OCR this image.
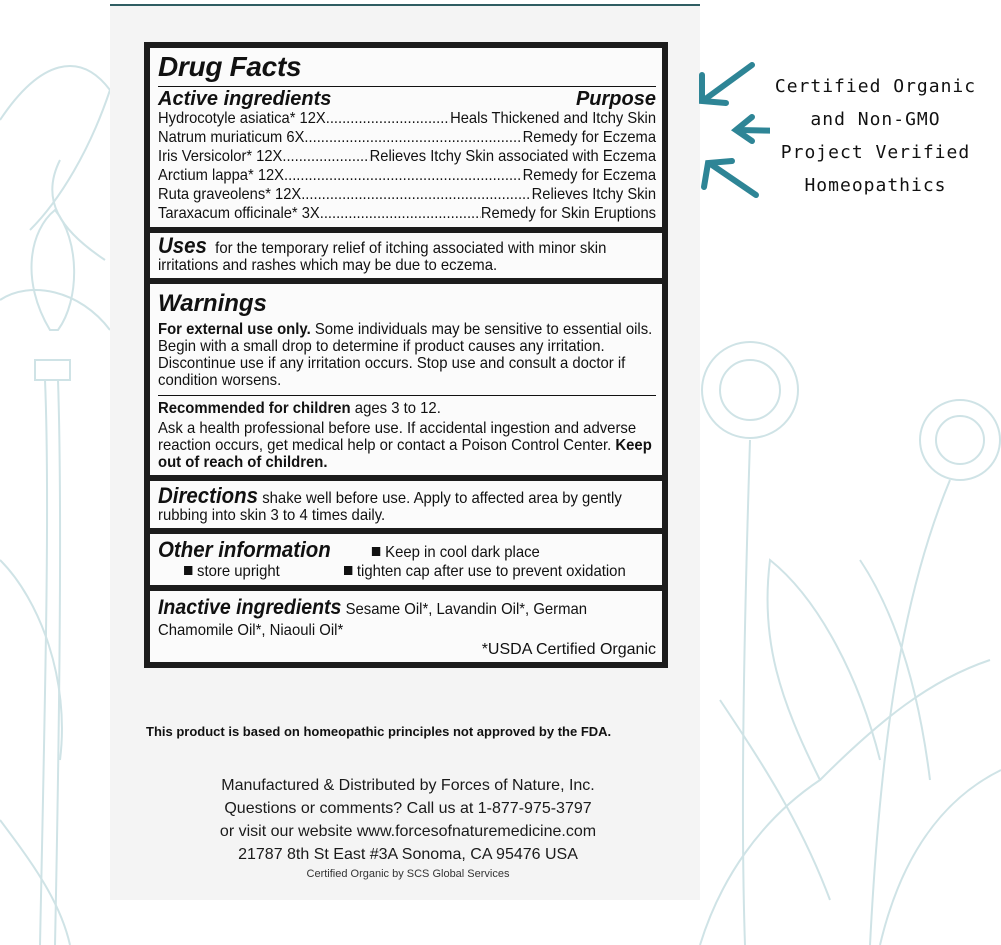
Drug Facts
Active ingredients	Purpose
Hydrocotyle asiatica* 12X .....	Heals Thickened and Itchy Skin
Natrum muriaticum 6X .....	Remedy for Eczema
Iris Versicolor* 12X .....	Relieves Itchy Skin associated with Eczema
Arctium lappa* 12X .....	Remedy for Eczema
Ruta graveolens* 12X .....	Relieves Itchy Skin
Taraxacum officinale* 3X .....	Remedy for Skin Eruptions
Uses for the temporary relief of itching associated with minor skin irritations and rashes which may be due to eczema.
Warnings
For external use only. Some individuals may be sensitive to essential oils. Begin with a small drop to determine if product causes any irritation. Discontinue use if any irritation occurs. Stop use and consult a doctor if condition worsens.
Recommended for children ages 3 to 12.
Ask a health professional before use. If accidental ingestion and adverse reaction occurs, get medical help or contact a Poison Control Center. Keep out of reach of children.
Directions shake well before use. Apply to affected area by gently rubbing into skin 3 to 4 times daily.
Other information	Keep in cool dark place
store upright	tighten cap after use to prevent oxidation
Inactive ingredients Sesame Oil*, Lavandin Oil*, German Chamomile Oil*, Niaouli Oil*
*USDA Certified Organic
This product is based on homeopathic principles not approved by the FDA.
Manufactured & Distributed by Forces of Nature, Inc.
Questions or comments? Call us at 1-877-975-3797
or visit our website www.forcesofnaturemedicine.com
21787 8th St East #3A Sonoma, CA 95476 USA
Certified Organic by SCS Global Services
Certified Organic
and Non-GMO
Project Verified
Homeopathics
